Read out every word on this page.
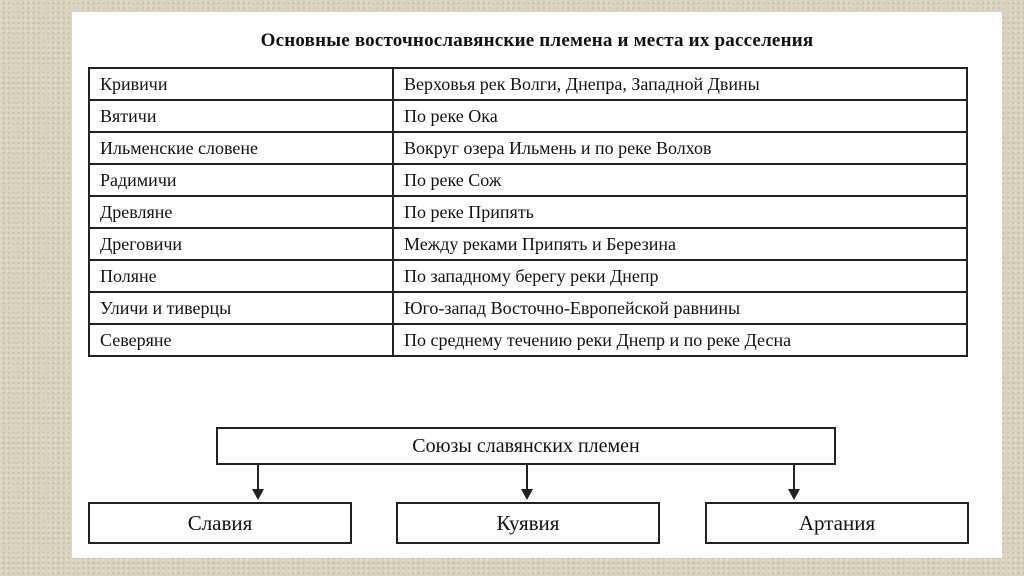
Основные восточнославянские племена и места их расселения
Кривичи	Верховья рек Волги, Днепра, Западной Двины
Вятичи	По реке Ока
Ильменские словене	Вокруг озера Ильмень и по реке Волхов
Радимичи	По реке Сож
Древляне	По реке Припять
Дреговичи	Между реками Припять и Березина
Поляне	По западному берегу реки Днепр
Уличи и тиверцы	Юго-запад Восточно-Европейской равнины
Северяне	По среднему течению реки Днепр и по реке Десна
Союзы славянских племен
Славия	Куявия	Артания
